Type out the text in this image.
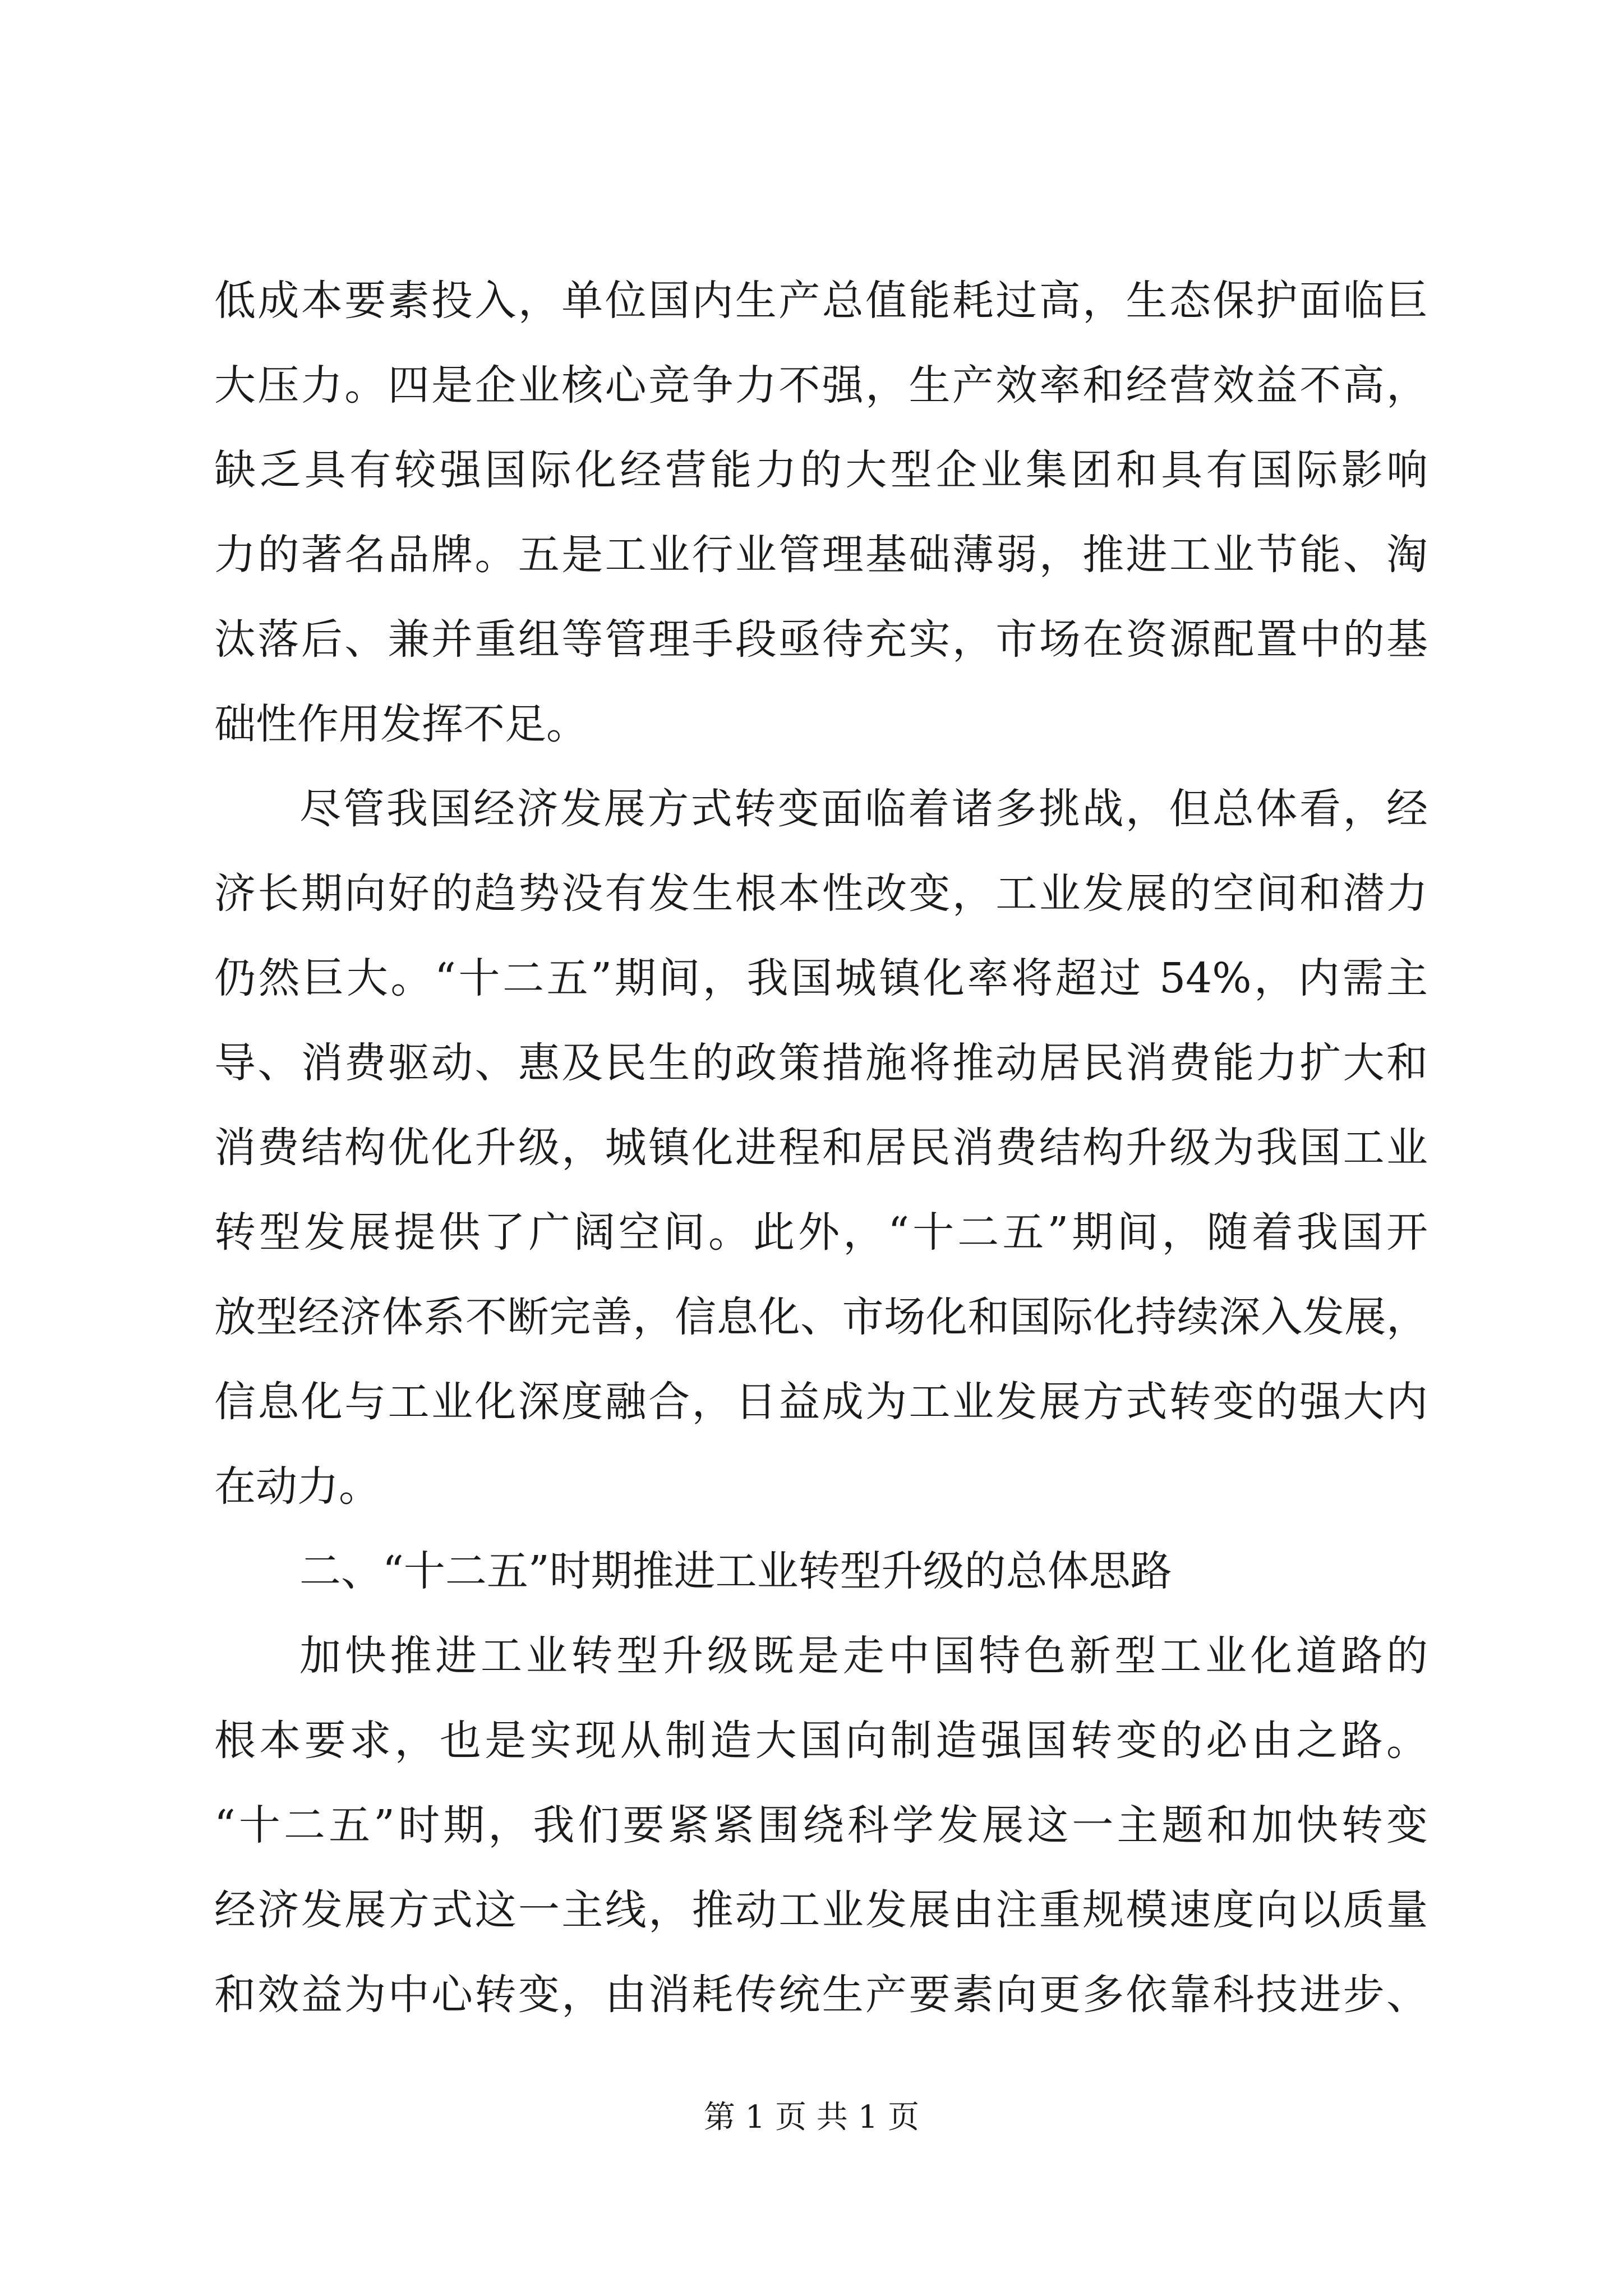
低成本要素投入，单位国内生产总值能耗过高，生态保护面临巨
大压力。四是企业核心竞争力不强，生产效率和经营效益不高，
缺乏具有较强国际化经营能力的大型企业集团和具有国际影响
力的著名品牌。五是工业行业管理基础薄弱，推进工业节能、淘
汰落后、兼并重组等管理手段亟待充实，市场在资源配置中的基
础性作用发挥不足。
尽管我国经济发展方式转变面临着诸多挑战，但总体看，经
济长期向好的趋势没有发生根本性改变，工业发展的空间和潜力
仍然巨大。“十二五”期间，我国城镇化率将超过 54%，内需主
导、消费驱动、惠及民生的政策措施将推动居民消费能力扩大和
消费结构优化升级，城镇化进程和居民消费结构升级为我国工业
转型发展提供了广阔空间。此外，“十二五”期间，随着我国开
放型经济体系不断完善，信息化、市场化和国际化持续深入发展，
信息化与工业化深度融合，日益成为工业发展方式转变的强大内
在动力。
二、“十二五”时期推进工业转型升级的总体思路
加快推进工业转型升级既是走中国特色新型工业化道路的
根本要求，也是实现从制造大国向制造强国转变的必由之路。
“十二五”时期，我们要紧紧围绕科学发展这一主题和加快转变
经济发展方式这一主线，推动工业发展由注重规模速度向以质量
和效益为中心转变，由消耗传统生产要素向更多依靠科技进步、
第 1 页 共 1 页
